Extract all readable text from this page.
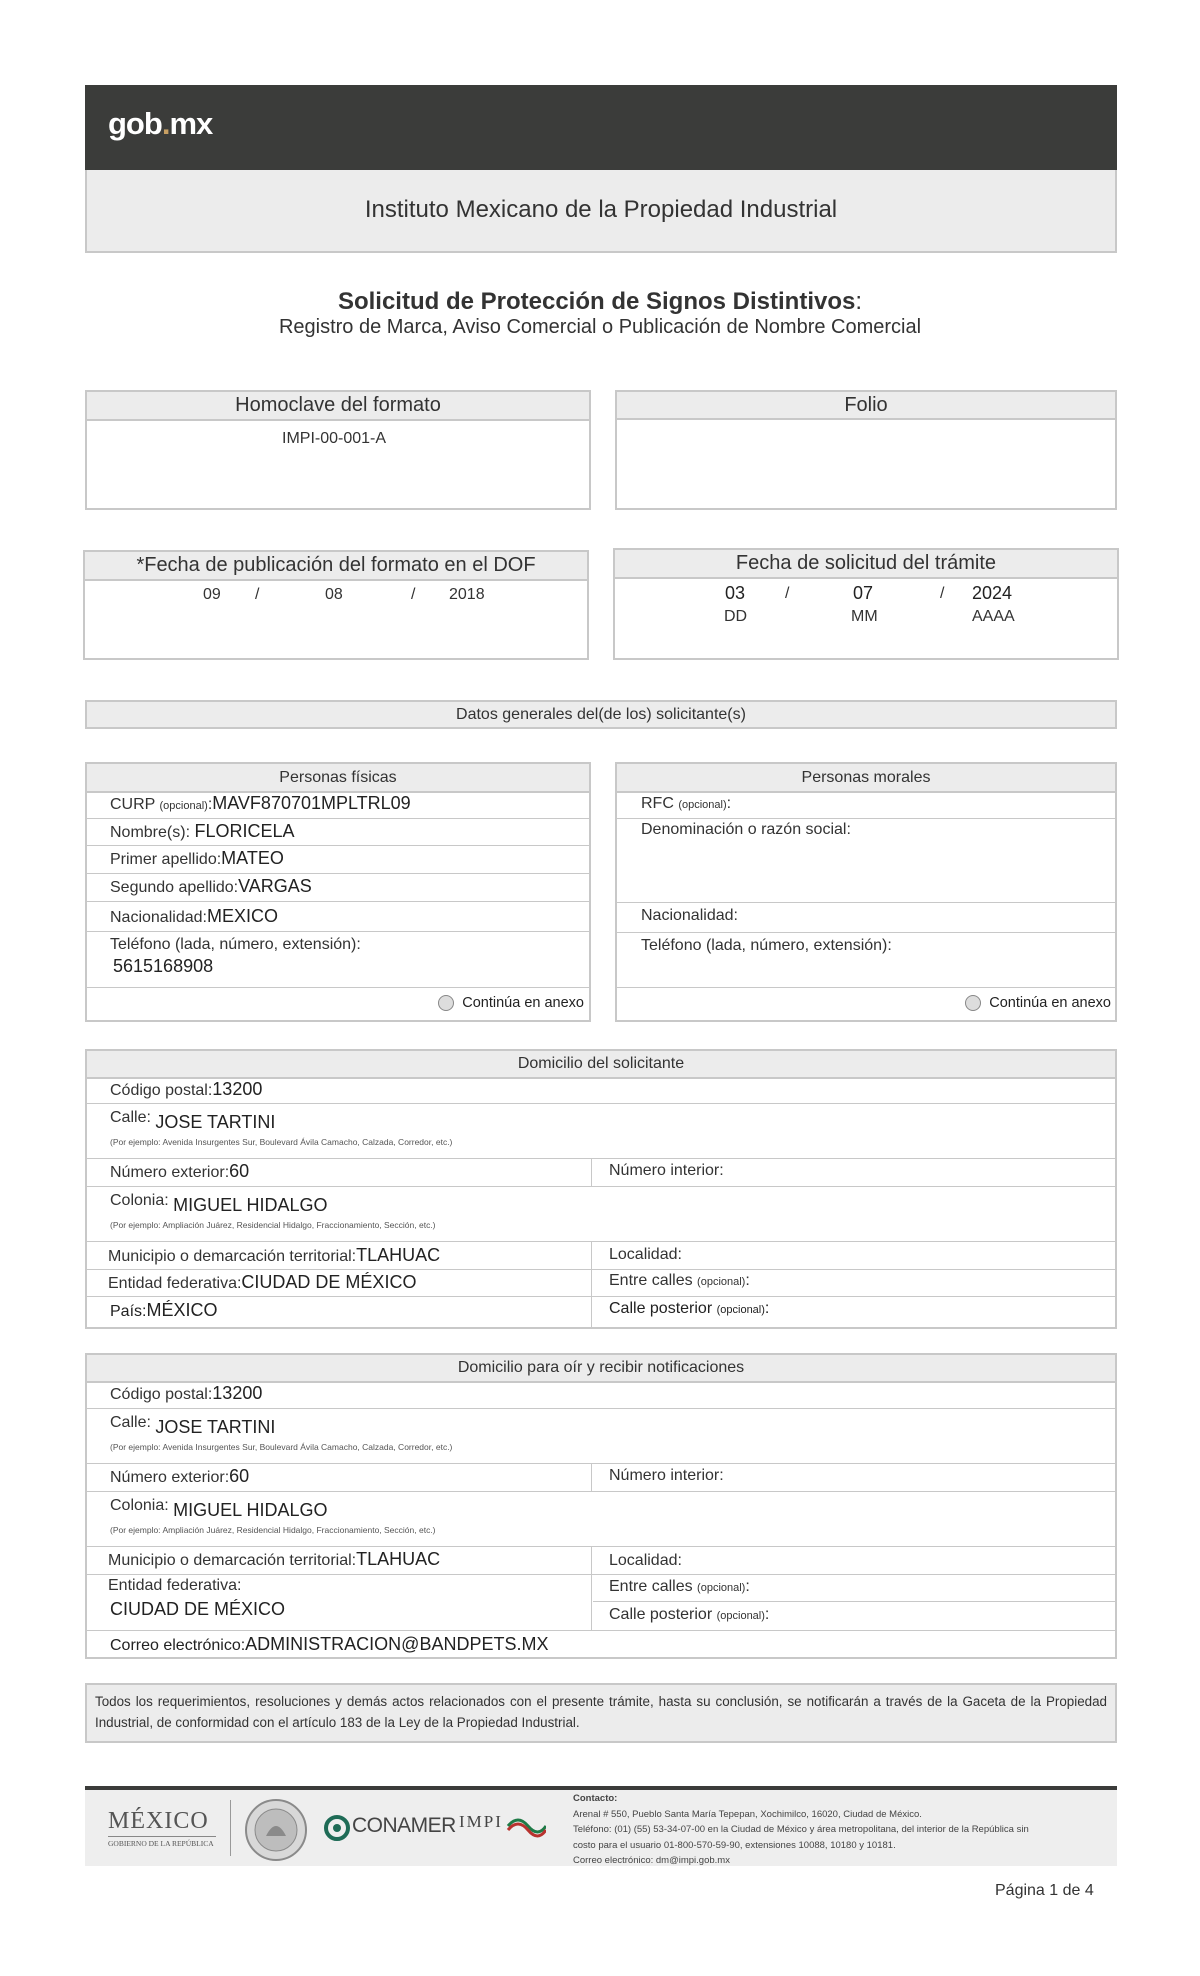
gob.mx
Instituto Mexicano de la Propiedad Industrial
Solicitud de Protección de Signos Distintivos:
Registro de Marca, Aviso Comercial o Publicación de Nombre Comercial
Homoclave del formato
IMPI-00-001-A
Folio
*Fecha de publicación del formato en el DOF
09 /	08	/ 2018
Fecha de solicitud del trámite
03 /	07	/ 2024
DD	MM	AAAA
Datos generales del(de los) solicitante(s)
Personas físicas
CURP (opcional):MAVF870701MPLTRL09
Nombre(s): FLORICELA
Primer apellido:MATEO
Segundo apellido:VARGAS
Nacionalidad:MEXICO
Teléfono (lada, número, extensión):
5615168908
Continúa en anexo
Personas morales
RFC (opcional):
Denominación o razón social:
Nacionalidad:
Teléfono (lada, número, extensión):
Continúa en anexo
Domicilio del solicitante
Código postal:13200
Calle: JOSE TARTINI
(Por ejemplo: Avenida Insurgentes Sur, Boulevard Ávila Camacho, Calzada, Corredor, etc.)
Número exterior:60	Número interior:
Colonia: MIGUEL HIDALGO
(Por ejemplo: Ampliación Juárez, Residencial Hidalgo, Fraccionamiento, Sección, etc.)
Municipio o demarcación territorial:TLAHUAC	Localidad:
Entidad federativa:CIUDAD DE MÉXICO	Entre calles (opcional):
País:MÉXICO	Calle posterior (opcional):
Domicilio para oír y recibir notificaciones
Código postal:13200
Calle: JOSE TARTINI
(Por ejemplo: Avenida Insurgentes Sur, Boulevard Ávila Camacho, Calzada, Corredor, etc.)
Número exterior:60	Número interior:
Colonia: MIGUEL HIDALGO
(Por ejemplo: Ampliación Juárez, Residencial Hidalgo, Fraccionamiento, Sección, etc.)
Municipio o demarcación territorial:TLAHUAC	Localidad:
Entidad federativa:
CIUDAD DE MÉXICO
Entre calles (opcional):
Calle posterior (opcional):
Correo electrónico:ADMINISTRACION@BANDPETS.MX
Todos los requerimientos, resoluciones y demás actos relacionados con el presente trámite, hasta su conclusión, se notificarán a través de la Gaceta de la Propiedad Industrial, de conformidad con el artículo 183 de la Ley de la Propiedad Industrial.
MÉXICO
GOBIERNO DE LA REPÚBLICA
CONAMER IMPI
Contacto:
Arenal # 550, Pueblo Santa María Tepepan, Xochimilco, 16020, Ciudad de México.
Teléfono: (01) (55) 53-34-07-00 en la Ciudad de México y área metropolitana, del interior de la República sin
costo para el usuario 01-800-570-59-90, extensiones 10088, 10180 y 10181.
Correo electrónico: dm@impi.gob.mx
Página 1 de 4
